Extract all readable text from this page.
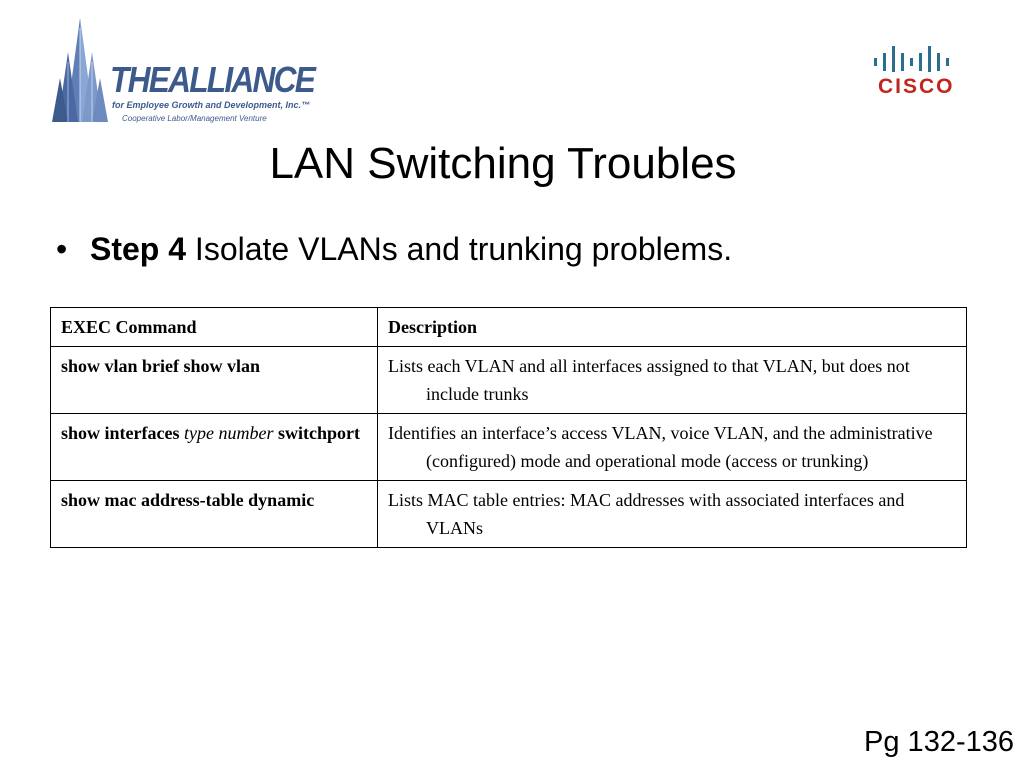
THEALLIANCE
for Employee Growth and Development, Inc.™
Cooperative Labor/Management Venture
CISCO
LAN Switching Troubles
• Step 4 Isolate VLANs and trunking problems.
EXEC Command	Description

show vlan brief show vlan	Lists each VLAN and all interfaces assigned to that VLAN, but does not include trunks

show interfaces type number switchport	Identifies an interface’s access VLAN, voice VLAN, and the administrative (configured) mode and operational mode (access or trunking)

show mac address-table dynamic	Lists MAC table entries: MAC addresses with associated interfaces and VLANs
Pg 132-136
